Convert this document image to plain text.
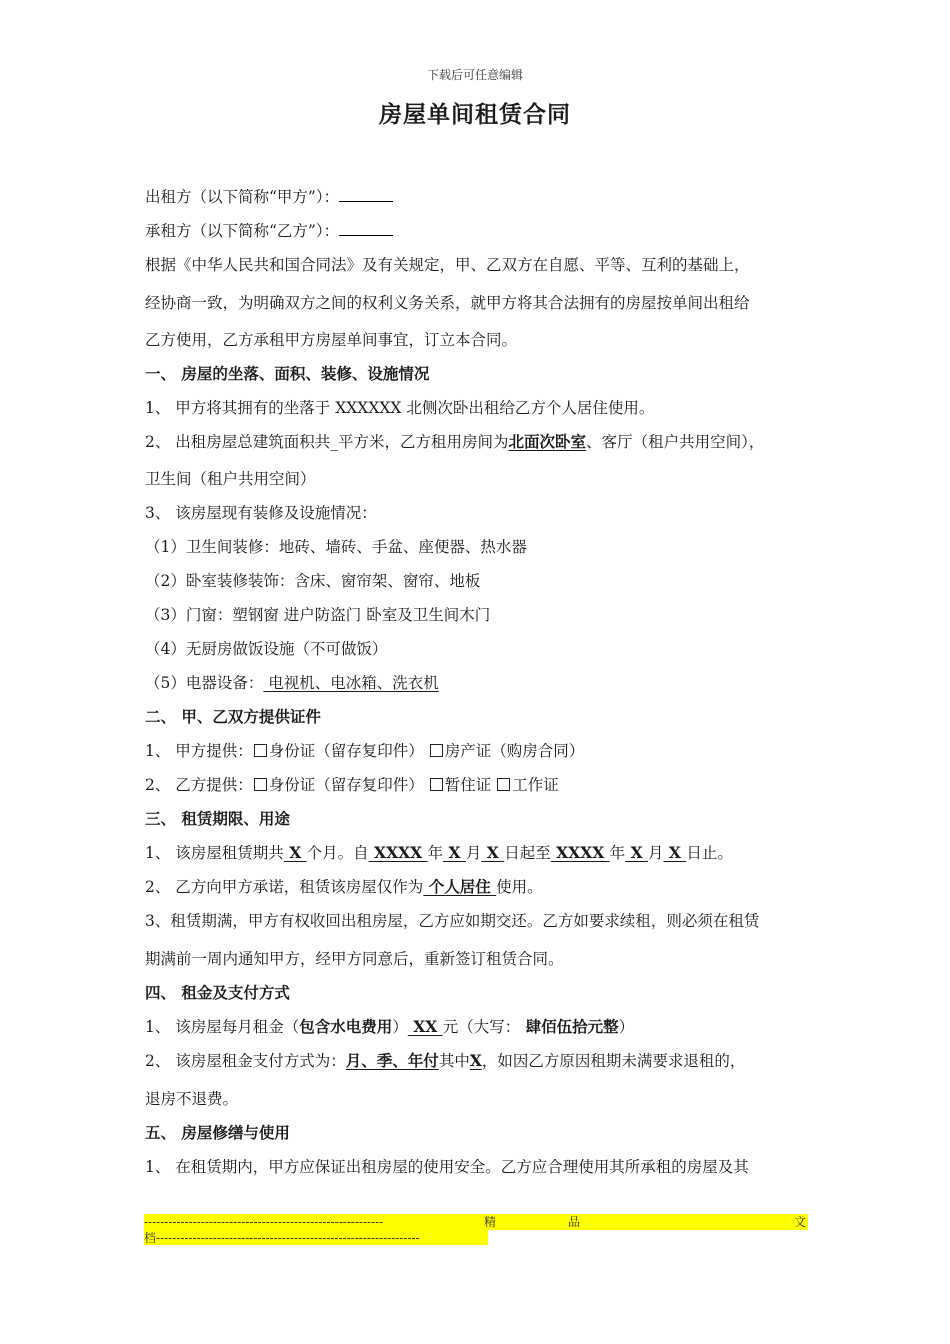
下载后可任意编辑
房屋单间租赁合同
出租方（以下简称“甲方”）：
承租方（以下简称“乙方”）：
根据《中华人民共和国合同法》及有关规定，甲、乙双方在自愿、平等、互利的基础上，
经协商一致，为明确双方之间的权利义务关系，就甲方将其合法拥有的房屋按单间出租给
乙方使用，乙方承租甲方房屋单间事宜，订立本合同。
一、 房屋的坐落、面积、装修、设施情况
1、 甲方将其拥有的坐落于 XXXXXX 北侧次卧出租给乙方个人居住使用。
2、 出租房屋总建筑面积共_平方米，乙方租用房间为北面次卧室、客厅（租户共用空间），
卫生间（租户共用空间）
3、 该房屋现有装修及设施情况：
（1）卫生间装修：地砖、墙砖、手盆、座便器、热水器
（2）卧室装修装饰：含床、窗帘架、窗帘、地板
（3）门窗：塑钢窗 进户防盗门 卧室及卫生间木门
（4）无厨房做饭设施（不可做饭）
（5）电器设备： 电视机、电冰箱、洗衣机
二、 甲、乙双方提供证件
1、 甲方提供： 身份证（留存复印件） 房产证（购房合同）
2、 乙方提供： 身份证（留存复印件） 暂住证 工作证
三、 租赁期限、用途
1、 该房屋租赁期共 X 个月。自 XXXX 年 X 月 X 日起至 XXXX 年 X 月 X 日止。
2、 乙方向甲方承诺，租赁该房屋仅作为 个人居住 使用。
3、租赁期满，甲方有权收回出租房屋，乙方应如期交还。乙方如要求续租，则必须在租赁
期满前一周内通知甲方，经甲方同意后，重新签订租赁合同。
四、 租金及支付方式
1、 该房屋每月租金（包含水电费用） XX 元（大写： 肆佰伍拾元整）
2、 该房屋租金支付方式为：月、季、年付其中X，如因乙方原因租期未满要求退租的，
退房不退费。
五、 房屋修缮与使用
1、 在租赁期内，甲方应保证出租房屋的使用安全。乙方应合理使用其所承租的房屋及其
-----------------------------------------------------------	精	品	文
档-----------------------------------------------------------------
